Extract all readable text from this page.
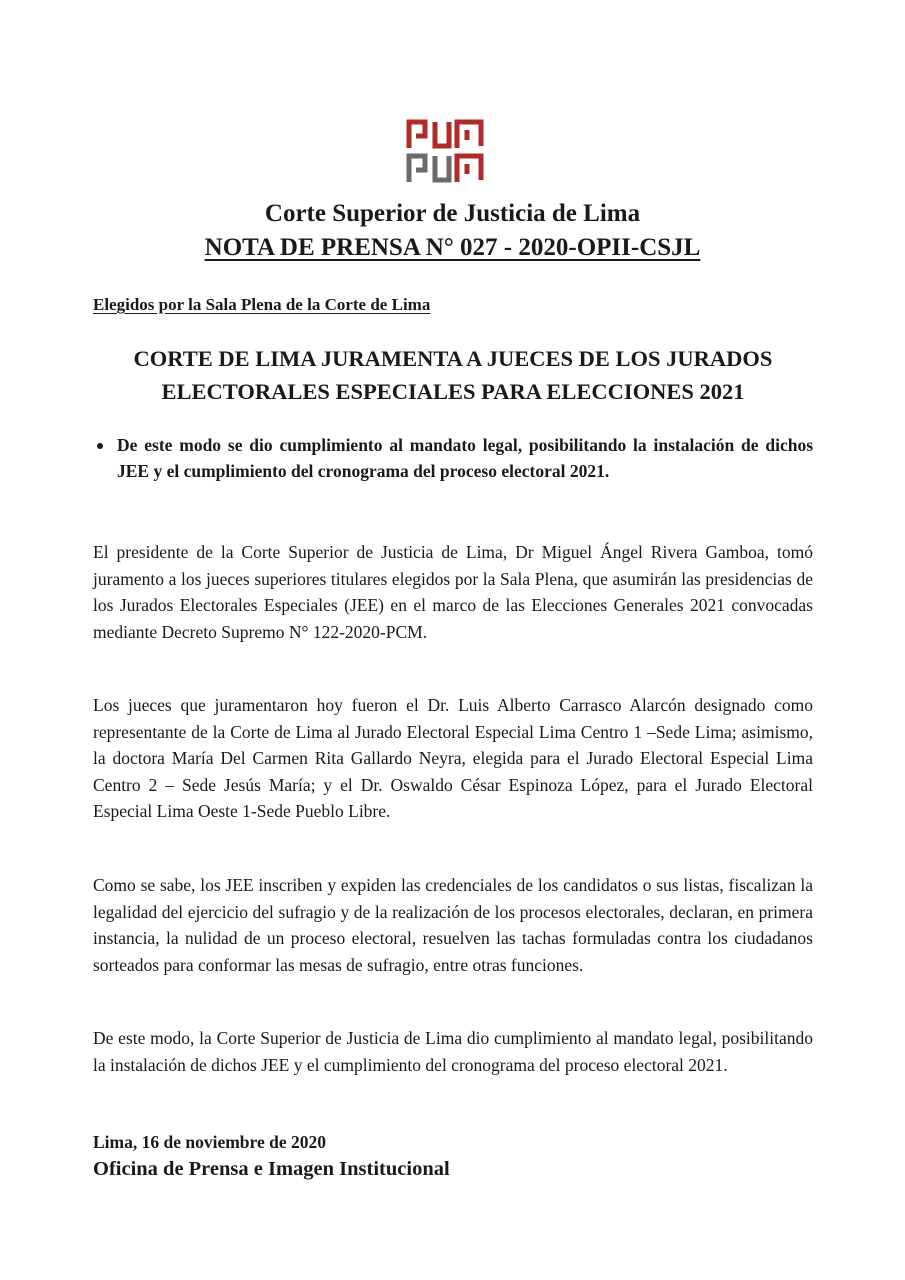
Corte Superior de Justicia de Lima
NOTA DE PRENSA N° 027 - 2020-OPII-CSJL
Elegidos por la Sala Plena de la Corte de Lima
CORTE DE LIMA JURAMENTA A JUECES DE LOS JURADOS
ELECTORALES ESPECIALES PARA ELECCIONES 2021
De este modo se dio cumplimiento al mandato legal, posibilitando la instalación de dichos JEE y el cumplimiento del cronograma del proceso electoral 2021.

El presidente de la Corte Superior de Justicia de Lima, Dr Miguel Ángel Rivera Gamboa, tomó juramento a los jueces superiores titulares elegidos por la Sala Plena, que asumirán las presidencias de los Jurados Electorales Especiales (JEE) en el marco de las Elecciones Generales 2021 convocadas mediante Decreto Supremo N° 122-2020-PCM.

Los jueces que juramentaron hoy fueron el Dr. Luis Alberto Carrasco Alarcón designado como representante de la Corte de Lima al Jurado Electoral Especial Lima Centro 1 –Sede Lima; asimismo, la doctora María Del Carmen Rita Gallardo Neyra, elegida para el Jurado Electoral Especial Lima Centro 2 – Sede Jesús María; y el Dr. Oswaldo César Espinoza López, para el Jurado Electoral Especial Lima Oeste 1-Sede Pueblo Libre.

Como se sabe, los JEE inscriben y expiden las credenciales de los candidatos o sus listas, fiscalizan la legalidad del ejercicio del sufragio y de la realización de los procesos electorales, declaran, en primera instancia, la nulidad de un proceso electoral, resuelven las tachas formuladas contra los ciudadanos sorteados para conformar las mesas de sufragio, entre otras funciones.

De este modo, la Corte Superior de Justicia de Lima dio cumplimiento al mandato legal, posibilitando la instalación de dichos JEE y el cumplimiento del cronograma del proceso electoral 2021.

Lima, 16 de noviembre de 2020
Oficina de Prensa e Imagen Institucional
